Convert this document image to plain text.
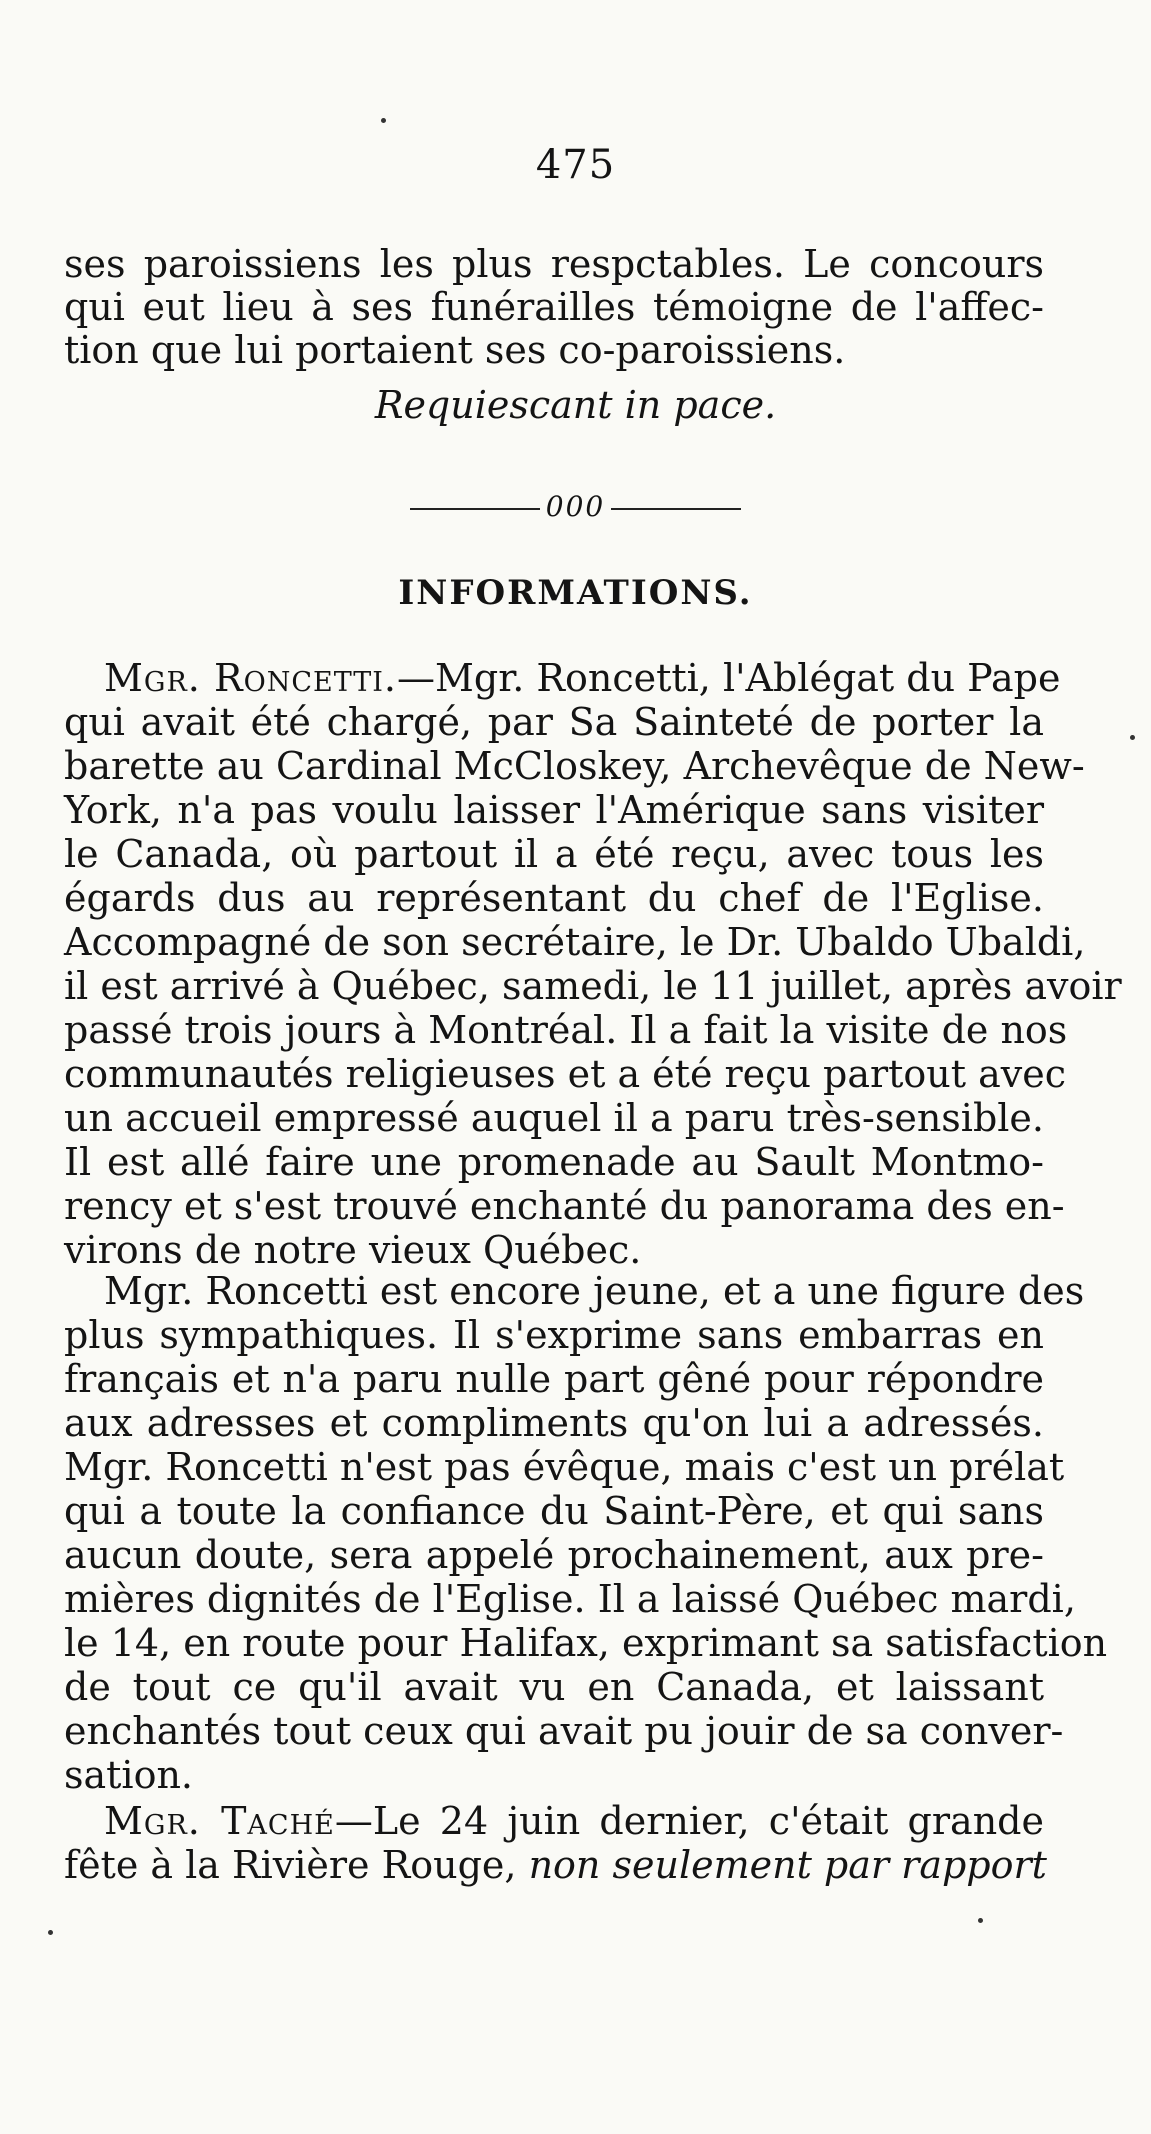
475
ses paroissiens les plus respctables. Le concours
qui eut lieu à ses funérailles témoigne de l'affec-
tion que lui portaient ses co-paroissiens.
Requiescant in pace.
000
INFORMATIONS.
Mgr. Roncetti.—Mgr. Roncetti, l'Ablégat du Pape
qui avait été chargé, par Sa Sainteté de porter la
barette au Cardinal McCloskey, Archevêque de New-
York, n'a pas voulu laisser l'Amérique sans visiter
le Canada, où partout il a été reçu, avec tous les
égards dus au représentant du chef de l'Eglise.
Accompagné de son secrétaire, le Dr. Ubaldo Ubaldi,
il est arrivé à Québec, samedi, le 11 juillet, après avoir
passé trois jours à Montréal. Il a fait la visite de nos
communautés religieuses et a été reçu partout avec
un accueil empressé auquel il a paru très-sensible.
Il est allé faire une promenade au Sault Montmo-
rency et s'est trouvé enchanté du panorama des en-
virons de notre vieux Québec.
Mgr. Roncetti est encore jeune, et a une figure des
plus sympathiques. Il s'exprime sans embarras en
français et n'a paru nulle part gêné pour répondre
aux adresses et compliments qu'on lui a adressés.
Mgr. Roncetti n'est pas évêque, mais c'est un prélat
qui a toute la confiance du Saint-Père, et qui sans
aucun doute, sera appelé prochainement, aux pre-
mières dignités de l'Eglise. Il a laissé Québec mardi,
le 14, en route pour Halifax, exprimant sa satisfaction
de tout ce qu'il avait vu en Canada, et laissant
enchantés tout ceux qui avait pu jouir de sa conver-
sation.
Mgr. Taché—Le 24 juin dernier, c'était grande
fête à la Rivière Rouge, non seulement par rapport
